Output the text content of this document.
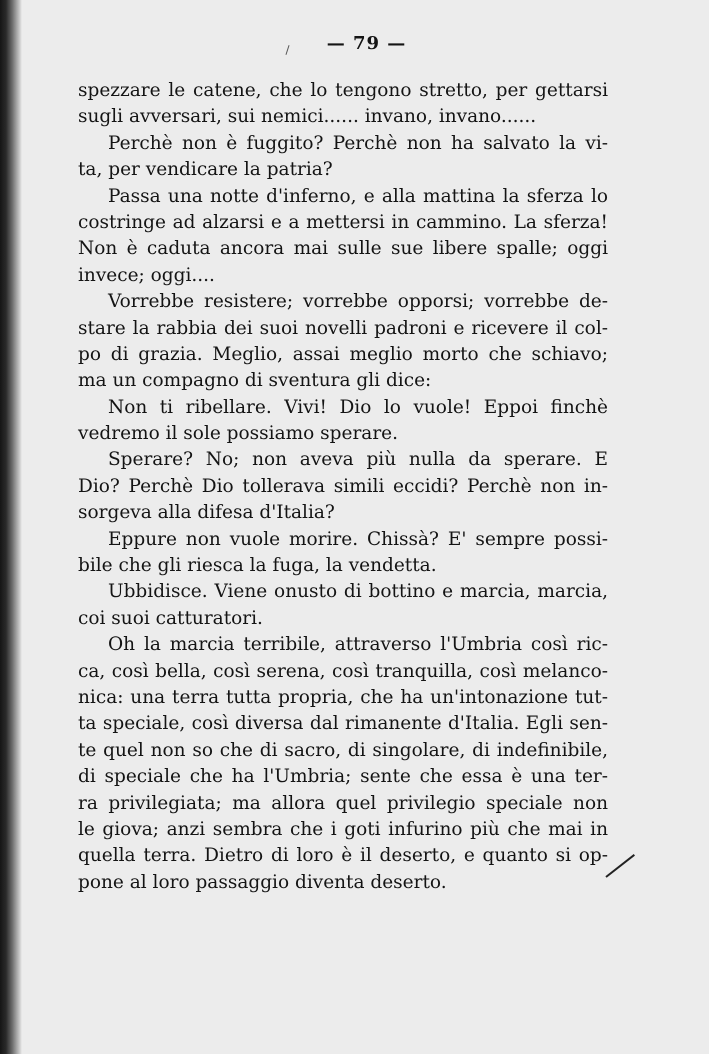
— 79 —
spezzare le catene, che lo tengono stretto, per gettarsi
sugli avversari, sui nemici...... invano, invano......
Perchè non è fuggito? Perchè non ha salvato la vi-
ta, per vendicare la patria?
Passa una notte d'inferno, e alla mattina la sferza lo
costringe ad alzarsi e a mettersi in cammino. La sferza!
Non è caduta ancora mai sulle sue libere spalle; oggi
invece; oggi....
Vorrebbe resistere; vorrebbe opporsi; vorrebbe de-
stare la rabbia dei suoi novelli padroni e ricevere il col-
po di grazia. Meglio, assai meglio morto che schiavo;
ma un compagno di sventura gli dice:
Non ti ribellare. Vivi! Dio lo vuole! Eppoi finchè
vedremo il sole possiamo sperare.
Sperare? No; non aveva più nulla da sperare. E
Dio? Perchè Dio tollerava simili eccidi? Perchè non in-
sorgeva alla difesa d'Italia?
Eppure non vuole morire. Chissà? E' sempre possi-
bile che gli riesca la fuga, la vendetta.
Ubbidisce. Viene onusto di bottino e marcia, marcia,
coi suoi catturatori.
Oh la marcia terribile, attraverso l'Umbria così ric-
ca, così bella, così serena, così tranquilla, così melanco-
nica: una terra tutta propria, che ha un'intonazione tut-
ta speciale, così diversa dal rimanente d'Italia. Egli sen-
te quel non so che di sacro, di singolare, di indefinibile,
di speciale che ha l'Umbria; sente che essa è una ter-
ra privilegiata; ma allora quel privilegio speciale non
le giova; anzi sembra che i goti infurino più che mai in
quella terra. Dietro di loro è il deserto, e quanto si op-
pone al loro passaggio diventa deserto.
